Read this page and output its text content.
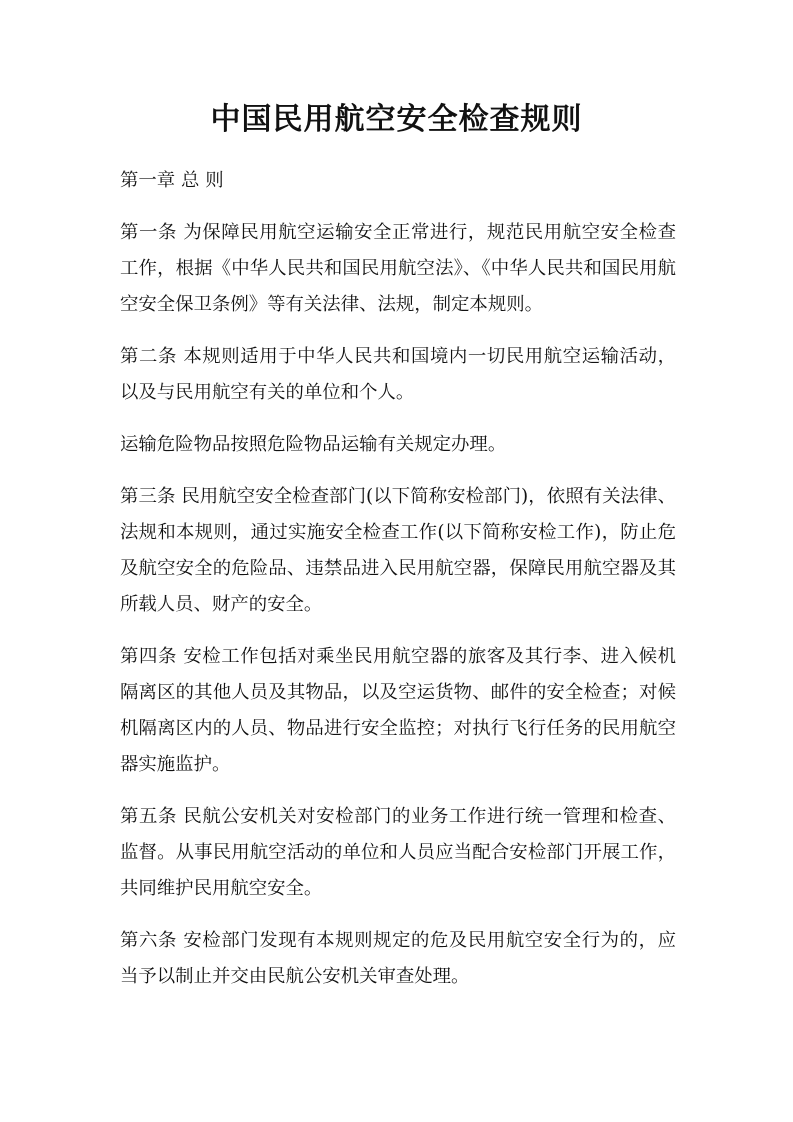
中国民用航空安全检查规则

第一章 总 则

第一条 为保障民用航空运输安全正常进行，规范民用航空安全检查工作，根据《中华人民共和国民用航空法》、《中华人民共和国民用航空安全保卫条例》等有关法律、法规，制定本规则。

第二条 本规则适用于中华人民共和国境内一切民用航空运输活动，以及与民用航空有关的单位和个人。

运输危险物品按照危险物品运输有关规定办理。

第三条 民用航空安全检查部门(以下简称安检部门)，依照有关法律、法规和本规则，通过实施安全检查工作(以下简称安检工作)，防止危及航空安全的危险品、违禁品进入民用航空器，保障民用航空器及其所载人员、财产的安全。

第四条 安检工作包括对乘坐民用航空器的旅客及其行李、进入候机隔离区的其他人员及其物品，以及空运货物、邮件的安全检查；对候机隔离区内的人员、物品进行安全监控；对执行飞行任务的民用航空器实施监护。

第五条 民航公安机关对安检部门的业务工作进行统一管理和检查、监督。从事民用航空活动的单位和人员应当配合安检部门开展工作，共同维护民用航空安全。

第六条 安检部门发现有本规则规定的危及民用航空安全行为的，应当予以制止并交由民航公安机关审查处理。
